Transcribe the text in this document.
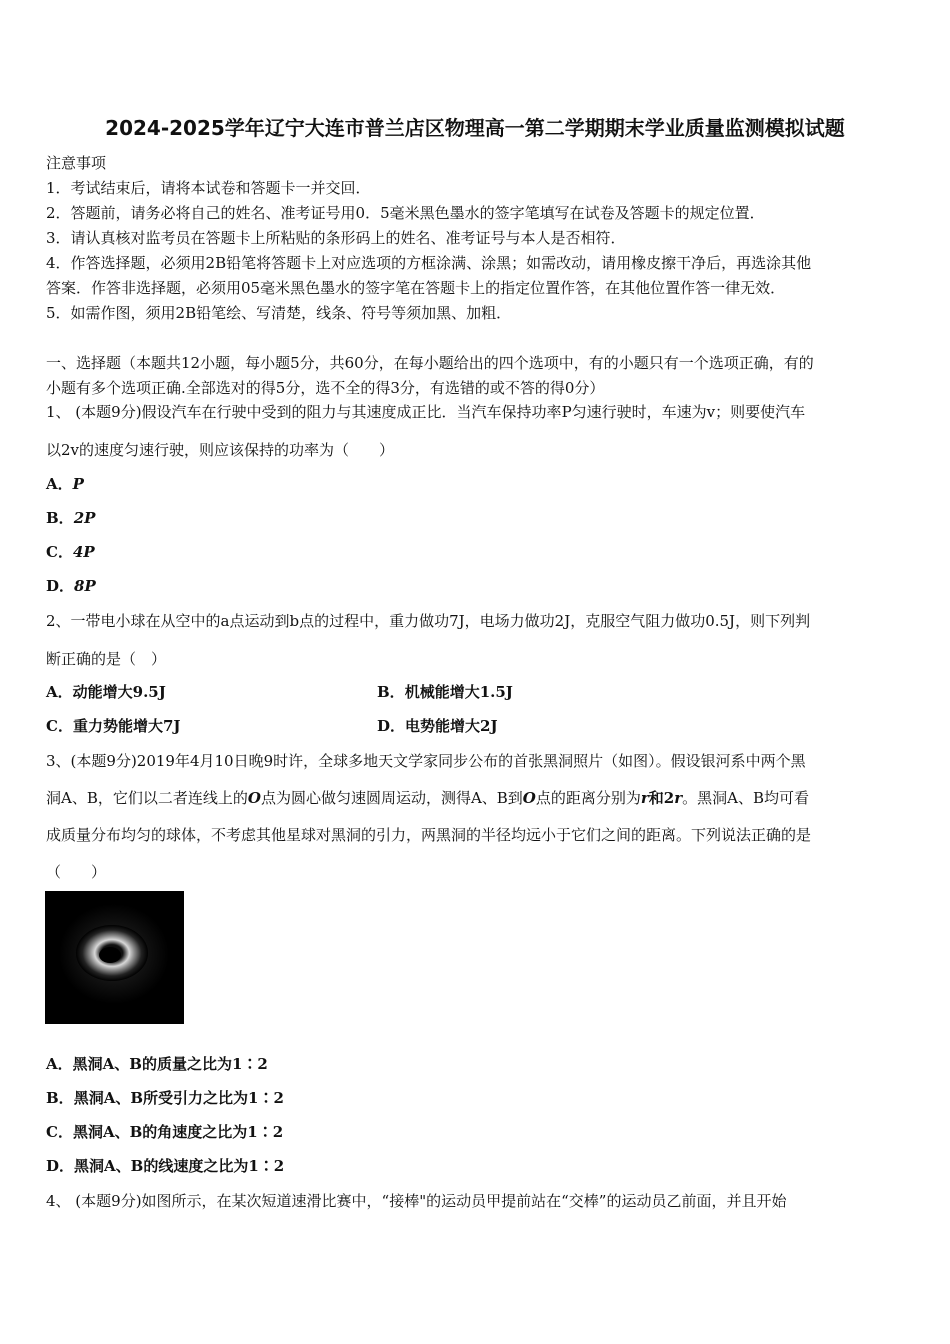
2024-2025学年辽宁大连市普兰店区物理高一第二学期期末学业质量监测模拟试题
注意事项
1．考试结束后，请将本试卷和答题卡一并交回．
2．答题前，请务必将自己的姓名、准考证号用0．5毫米黑色墨水的签字笔填写在试卷及答题卡的规定位置．
3．请认真核对监考员在答题卡上所粘贴的条形码上的姓名、准考证号与本人是否相符．
4．作答选择题，必须用2B铅笔将答题卡上对应选项的方框涂满、涂黑；如需改动，请用橡皮擦干净后，再选涂其他
答案．作答非选择题，必须用05毫米黑色墨水的签字笔在答题卡上的指定位置作答，在其他位置作答一律无效．
5．如需作图，须用2B铅笔绘、写清楚，线条、符号等须加黑、加粗．
一、选择题（本题共12小题，每小题5分，共60分，在每小题给出的四个选项中，有的小题只有一个选项正确，有的
小题有多个选项正确.全部选对的得5分，选不全的得3分，有选错的或不答的得0分）
1、 (本题9分)假设汽车在行驶中受到的阻力与其速度成正比．当汽车保持功率P匀速行驶时，车速为v；则要使汽车
以2v的速度匀速行驶，则应该保持的功率为（　　）
A．P
B．2P
C．4P
D．8P
2、一带电小球在从空中的a点运动到b点的过程中，重力做功7J，电场力做功2J，克服空气阻力做功0.5J，则下列判
断正确的是（　）
A．动能增大9.5J	B．机械能增大1.5J
C．重力势能增大7J	D．电势能增大2J
3、(本题9分)2019年4月10日晚9时许，全球多地天文学家同步公布的首张黑洞照片（如图）。假设银河系中两个黑
洞A、B，它们以二者连线上的O点为圆心做匀速圆周运动，测得A、B到O点的距离分别为r和2r。黑洞A、B均可看
成质量分布均匀的球体，不考虑其他星球对黑洞的引力，两黑洞的半径均远小于它们之间的距离。下列说法正确的是
（　　）
A．黑洞A、B的质量之比为1∶2
B．黑洞A、B所受引力之比为1∶2
C．黑洞A、B的角速度之比为1∶2
D．黑洞A、B的线速度之比为1∶2
4、 (本题9分)如图所示，在某次短道速滑比赛中，“接棒"的运动员甲提前站在“交棒”的运动员乙前面，并且开始
